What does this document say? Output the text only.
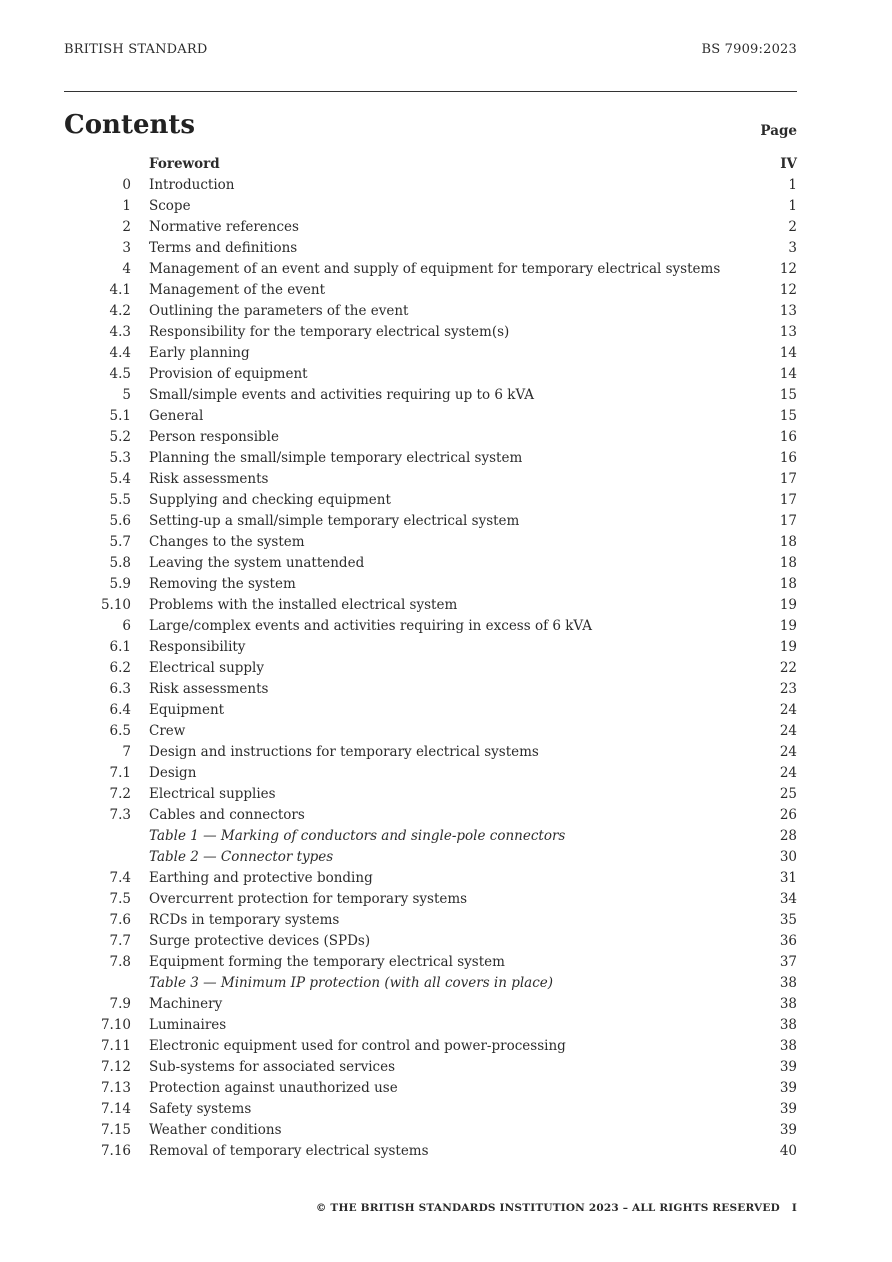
BRITISH STANDARD	BS 7909:2023
Contents	Page
Foreword	IV
0 Introduction	1
1 Scope	1
2 Normative references	2
3 Terms and definitions	3
4 Management of an event and supply of equipment for temporary electrical systems	12
4.1 Management of the event	12
4.2 Outlining the parameters of the event	13
4.3 Responsibility for the temporary electrical system(s)	13
4.4 Early planning	14
4.5 Provision of equipment	14
5 Small/simple events and activities requiring up to 6 kVA	15
5.1 General	15
5.2 Person responsible	16
5.3 Planning the small/simple temporary electrical system	16
5.4 Risk assessments	17
5.5 Supplying and checking equipment	17
5.6 Setting-up a small/simple temporary electrical system	17
5.7 Changes to the system	18
5.8 Leaving the system unattended	18
5.9 Removing the system	18
5.10 Problems with the installed electrical system	19
6 Large/complex events and activities requiring in excess of 6 kVA	19
6.1 Responsibility	19
6.2 Electrical supply	22
6.3 Risk assessments	23
6.4 Equipment	24
6.5 Crew	24
7 Design and instructions for temporary electrical systems	24
7.1 Design	24
7.2 Electrical supplies	25
7.3 Cables and connectors	26
Table 1 — Marking of conductors and single-pole connectors	28
Table 2 — Connector types	30
7.4 Earthing and protective bonding	31
7.5 Overcurrent protection for temporary systems	34
7.6 RCDs in temporary systems	35
7.7 Surge protective devices (SPDs)	36
7.8 Equipment forming the temporary electrical system	37
Table 3 — Minimum IP protection (with all covers in place)	38
7.9 Machinery	38
7.10 Luminaires	38
7.11 Electronic equipment used for control and power-processing	38
7.12 Sub-systems for associated services	39
7.13 Protection against unauthorized use	39
7.14 Safety systems	39
7.15 Weather conditions	39
7.16 Removal of temporary electrical systems	40
© THE BRITISH STANDARDS INSTITUTION 2023 – ALL RIGHTS RESERVED I
